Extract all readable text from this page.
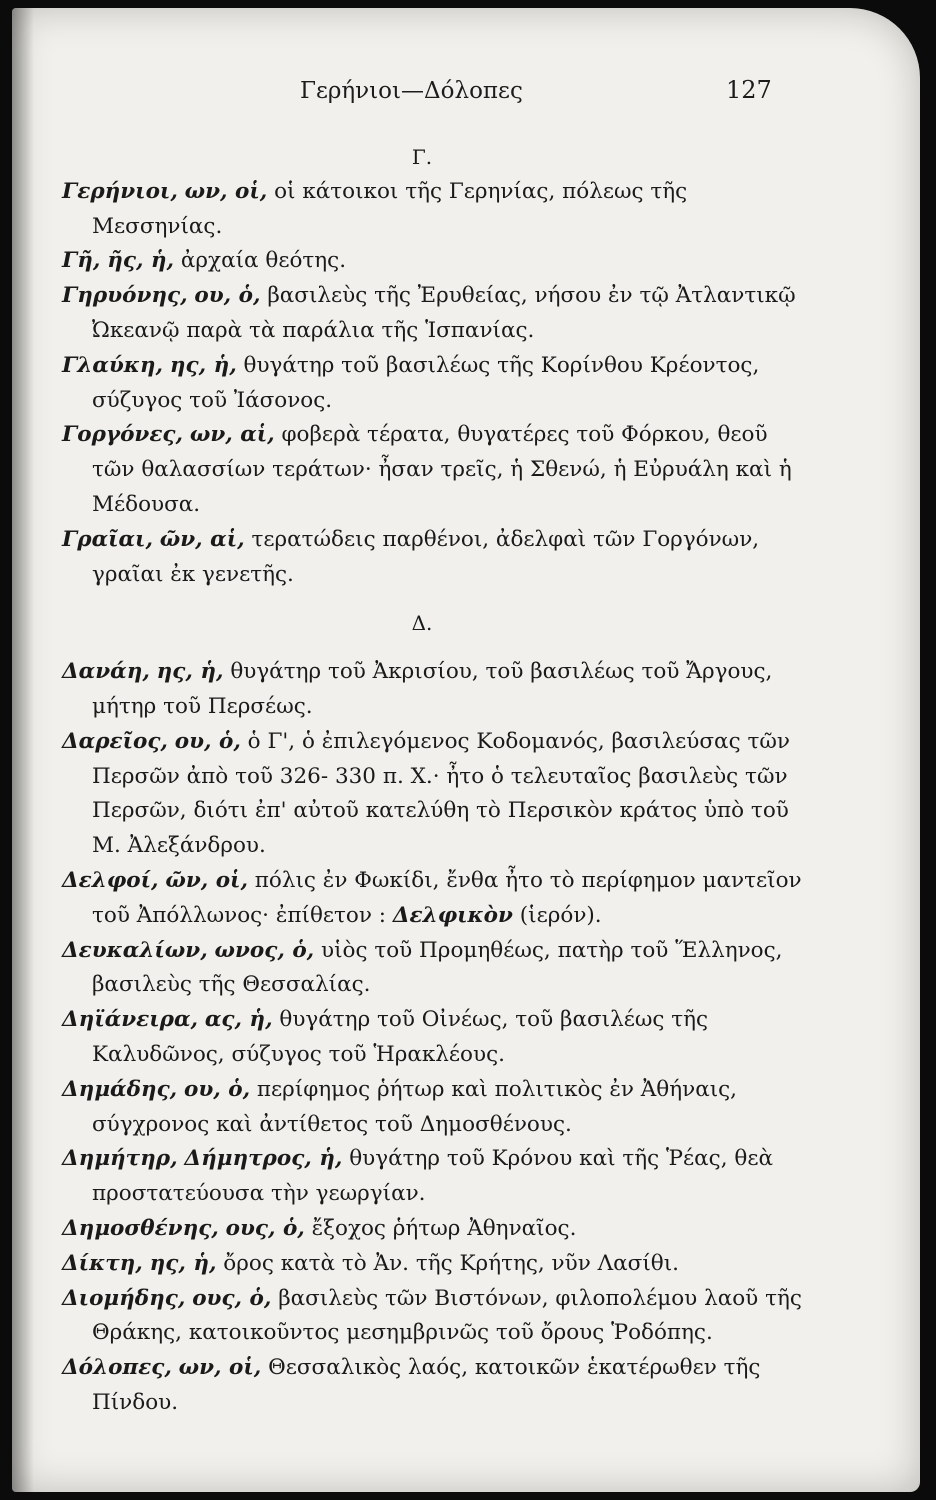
Γερήνιοι—Δόλοπες	127

Γ.

Γερήνιοι, ων, οἱ, οἱ κάτοικοι τῆς Γερηνίας, πόλεως τῆς Μεσσηνίας.

Γῆ, ῆς, ἡ, ἀρχαία θεότης.

Γηρυόνης, ου, ὁ, βασιλεὺς τῆς Ἐρυθείας, νήσου ἐν τῷ Ἀτλαντικῷ Ὠκεανῷ παρὰ τὰ παράλια τῆς Ἱσπανίας.

Γλαύκη, ης, ἡ, θυγάτηρ τοῦ βασιλέως τῆς Κορίνθου Κρέοντος, σύζυγος τοῦ Ἰάσονος.

Γοργόνες, ων, αἱ, φοβερὰ τέρατα, θυγατέρες τοῦ Φόρκου, θεοῦ τῶν θαλασσίων τεράτων· ἦσαν τρεῖς, ἡ Σθενώ, ἡ Εὐρυάλη καὶ ἡ Μέδουσα.

Γραῖαι, ῶν, αἱ, τερατώδεις παρθένοι, ἀδελφαὶ τῶν Γοργόνων, γραῖαι ἐκ γενετῆς.

Δ.

Δανάη, ης, ἡ, θυγάτηρ τοῦ Ἀκρισίου, τοῦ βασιλέως τοῦ Ἄργους, μήτηρ τοῦ Περσέως.

Δαρεῖος, ου, ὁ, ὁ Γ', ὁ ἐπιλεγόμενος Κοδομανός, βασιλεύσας τῶν Περσῶν ἀπὸ τοῦ 326- 330 π. Χ.· ἦτο ὁ τελευταῖος βασιλεὺς τῶν Περσῶν, διότι ἐπ' αὐτοῦ κατελύθη τὸ Περσικὸν κράτος ὑπὸ τοῦ Μ. Ἀλεξάνδρου.

Δελφοί, ῶν, οἱ, πόλις ἐν Φωκίδι, ἔνθα ἦτο τὸ περίφημον μαντεῖον τοῦ Ἀπόλλωνος· ἐπίθετον : Δελφικὸν (ἱερόν).

Δευκαλίων, ωνος, ὁ, υἱὸς τοῦ Προμηθέως, πατὴρ τοῦ Ἕλληνος, βασιλεὺς τῆς Θεσσαλίας.

Δηϊάνειρα, ας, ἡ, θυγάτηρ τοῦ Οἰνέως, τοῦ βασιλέως τῆς Καλυδῶνος, σύζυγος τοῦ Ἡρακλέους.

Δημάδης, ου, ὁ, περίφημος ῥήτωρ καὶ πολιτικὸς ἐν Ἀθήναις, σύγχρονος καὶ ἀντίθετος τοῦ Δημοσθένους.

Δημήτηρ, Δήμητρος, ἡ, θυγάτηρ τοῦ Κρόνου καὶ τῆς Ῥέας, θεὰ προστατεύουσα τὴν γεωργίαν.

Δημοσθένης, ους, ὁ, ἔξοχος ῥήτωρ Ἀθηναῖος.

Δίκτη, ης, ἡ, ὄρος κατὰ τὸ Ἀν. τῆς Κρήτης, νῦν Λασίθι.

Διομήδης, ους, ὁ, βασιλεὺς τῶν Βιστόνων, φιλοπολέμου λαοῦ τῆς Θράκης, κατοικοῦντος μεσημβρινῶς τοῦ ὄρους Ῥοδόπης.

Δόλοπες, ων, οἱ, Θεσσαλικὸς λαός, κατοικῶν ἑκατέρωθεν τῆς Πίνδου.
